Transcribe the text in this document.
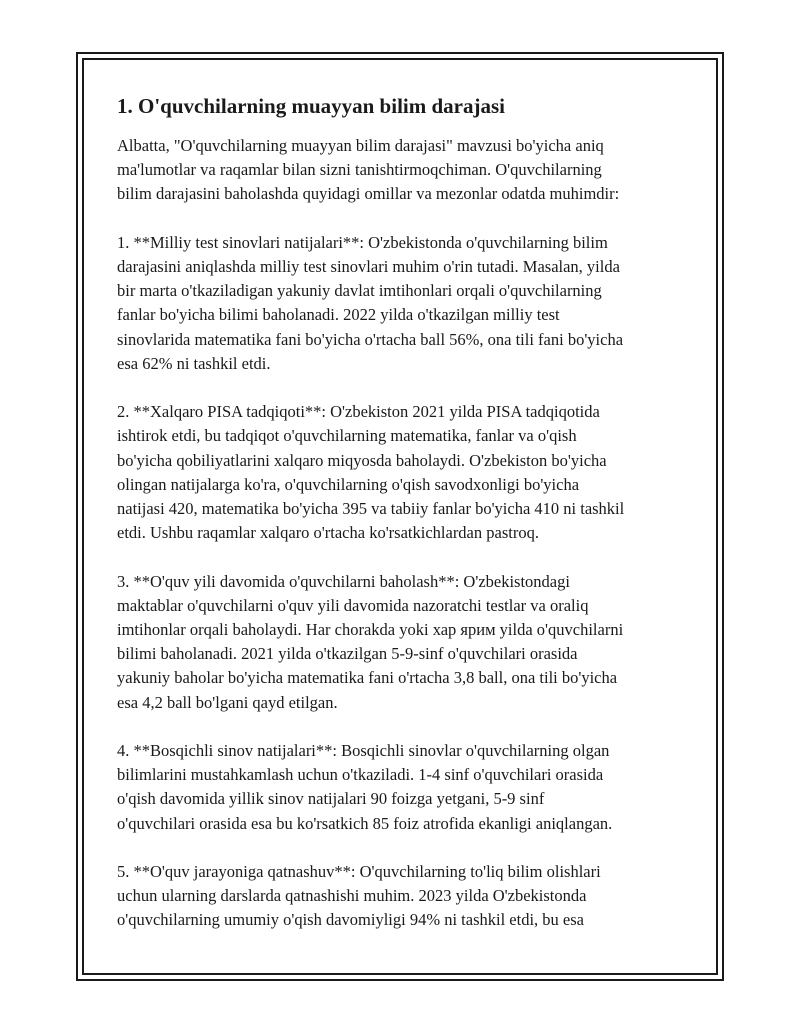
1. O'quvchilarning muayyan bilim darajasi
Albatta, "O'quvchilarning muayyan bilim darajasi" mavzusi bo'yicha aniq
ma'lumotlar va raqamlar bilan sizni tanishtirmoqchiman. O'quvchilarning
bilim darajasini baholashda quyidagi omillar va mezonlar odatda muhimdir:
1. **Milliy test sinovlari natijalari**: O'zbekistonda o'quvchilarning bilim
darajasini aniqlashda milliy test sinovlari muhim o'rin tutadi. Masalan, yilda
bir marta o'tkaziladigan yakuniy davlat imtihonlari orqali o'quvchilarning
fanlar bo'yicha bilimi baholanadi. 2022 yilda o'tkazilgan milliy test
sinovlarida matematika fani bo'yicha o'rtacha ball 56%, ona tili fani bo'yicha
esa 62% ni tashkil etdi.
2. **Xalqaro PISA tadqiqoti**: O'zbekiston 2021 yilda PISA tadqiqotida
ishtirok etdi, bu tadqiqot o'quvchilarning matematika, fanlar va o'qish
bo'yicha qobiliyatlarini xalqaro miqyosda baholaydi. O'zbekiston bo'yicha
olingan natijalarga ko'ra, o'quvchilarning o'qish savodxonligi bo'yicha
natijasi 420, matematika bo'yicha 395 va tabiiy fanlar bo'yicha 410 ni tashkil
etdi. Ushbu raqamlar xalqaro o'rtacha ko'rsatkichlardan pastroq.
3. **O'quv yili davomida o'quvchilarni baholash**: O'zbekistondagi
maktablar o'quvchilarni o'quv yili davomida nazoratchi testlar va oraliq
imtihonlar orqali baholaydi. Har chorakda yoki хар ярим yilda o'quvchilarni
bilimi baholanadi. 2021 yilda o'tkazilgan 5-9-sinf o'quvchilari orasida
yakuniy baholar bo'yicha matematika fani o'rtacha 3,8 ball, ona tili bo'yicha
esa 4,2 ball bo'lgani qayd etilgan.
4. **Bosqichli sinov natijalari**: Bosqichli sinovlar o'quvchilarning olgan
bilimlarini mustahkamlash uchun o'tkaziladi. 1-4 sinf o'quvchilari orasida
o'qish davomida yillik sinov natijalari 90 foizga yetgani, 5-9 sinf
o'quvchilari orasida esa bu ko'rsatkich 85 foiz atrofida ekanligi aniqlangan.
5. **O'quv jarayoniga qatnashuv**: O'quvchilarning to'liq bilim olishlari
uchun ularning darslarda qatnashishi muhim. 2023 yilda O'zbekistonda
o'quvchilarning umumiy o'qish davomiyligi 94% ni tashkil etdi, bu esa
